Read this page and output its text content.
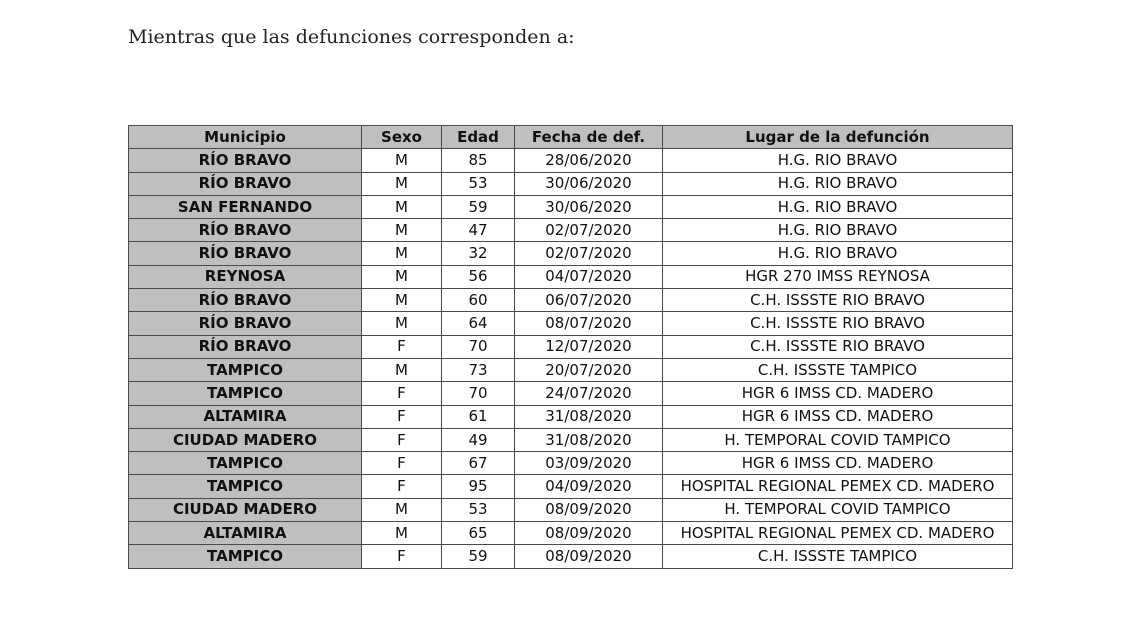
Mientras que las defunciones corresponden a:

Municipio	Sexo	Edad	Fecha de def.	Lugar de la defunción
RÍO BRAVO	M	85	28/06/2020	H.G. RIO BRAVO
RÍO BRAVO	M	53	30/06/2020	H.G. RIO BRAVO
SAN FERNANDO	M	59	30/06/2020	H.G. RIO BRAVO
RÍO BRAVO	M	47	02/07/2020	H.G. RIO BRAVO
RÍO BRAVO	M	32	02/07/2020	H.G. RIO BRAVO
REYNOSA	M	56	04/07/2020	HGR 270 IMSS REYNOSA
RÍO BRAVO	M	60	06/07/2020	C.H. ISSSTE RIO BRAVO
RÍO BRAVO	M	64	08/07/2020	C.H. ISSSTE RIO BRAVO
RÍO BRAVO	F	70	12/07/2020	C.H. ISSSTE RIO BRAVO
TAMPICO	M	73	20/07/2020	C.H. ISSSTE TAMPICO
TAMPICO	F	70	24/07/2020	HGR 6 IMSS CD. MADERO
ALTAMIRA	F	61	31/08/2020	HGR 6 IMSS CD. MADERO
CIUDAD MADERO	F	49	31/08/2020	H. TEMPORAL COVID TAMPICO
TAMPICO	F	67	03/09/2020	HGR 6 IMSS CD. MADERO
TAMPICO	F	95	04/09/2020	HOSPITAL REGIONAL PEMEX CD. MADERO
CIUDAD MADERO	M	53	08/09/2020	H. TEMPORAL COVID TAMPICO
ALTAMIRA	M	65	08/09/2020	HOSPITAL REGIONAL PEMEX CD. MADERO
TAMPICO	F	59	08/09/2020	C.H. ISSSTE TAMPICO
